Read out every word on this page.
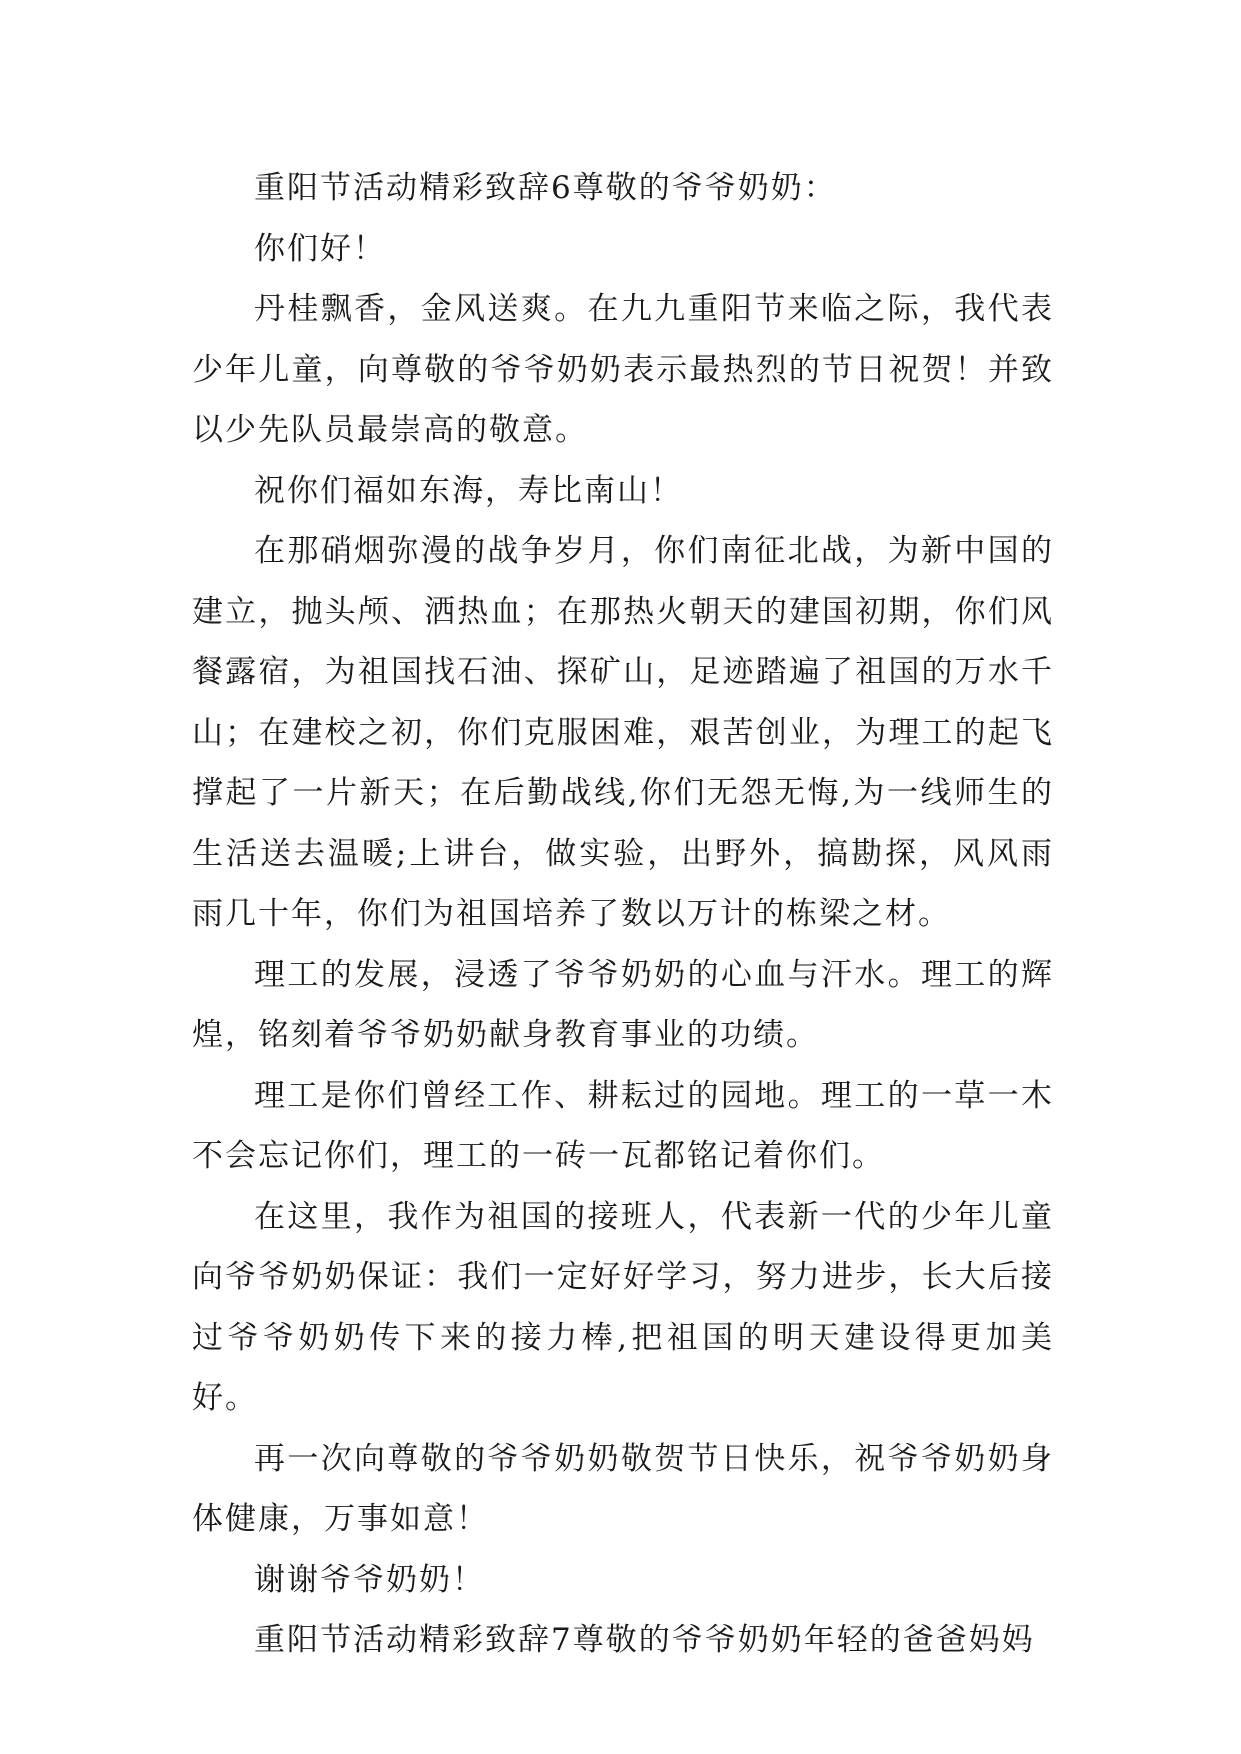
重阳节活动精彩致辞6尊敬的爷爷奶奶：

你们好！

丹桂飘香，金风送爽。在九九重阳节来临之际，我代表少年儿童，向尊敬的爷爷奶奶表示最热烈的节日祝贺！并致以少先队员最崇高的敬意。

祝你们福如东海，寿比南山！

在那硝烟弥漫的战争岁月，你们南征北战，为新中国的建立，抛头颅、洒热血；在那热火朝天的建国初期，你们风餐露宿，为祖国找石油、探矿山，足迹踏遍了祖国的万水千山；在建校之初，你们克服困难，艰苦创业，为理工的起飞撑起了一片新天；在后勤战线,你们无怨无悔,为一线师生的生活送去温暖;上讲台，做实验，出野外，搞勘探，风风雨雨几十年，你们为祖国培养了数以万计的栋梁之材。

理工的发展，浸透了爷爷奶奶的心血与汗水。理工的辉煌，铭刻着爷爷奶奶献身教育事业的功绩。

理工是你们曾经工作、耕耘过的园地。理工的一草一木不会忘记你们，理工的一砖一瓦都铭记着你们。

在这里，我作为祖国的接班人，代表新一代的少年儿童向爷爷奶奶保证：我们一定好好学习，努力进步，长大后接过爷爷奶奶传下来的接力棒,把祖国的明天建设得更加美好。

再一次向尊敬的爷爷奶奶敬贺节日快乐，祝爷爷奶奶身体健康，万事如意！

谢谢爷爷奶奶！

重阳节活动精彩致辞7尊敬的爷爷奶奶年轻的爸爸妈妈
